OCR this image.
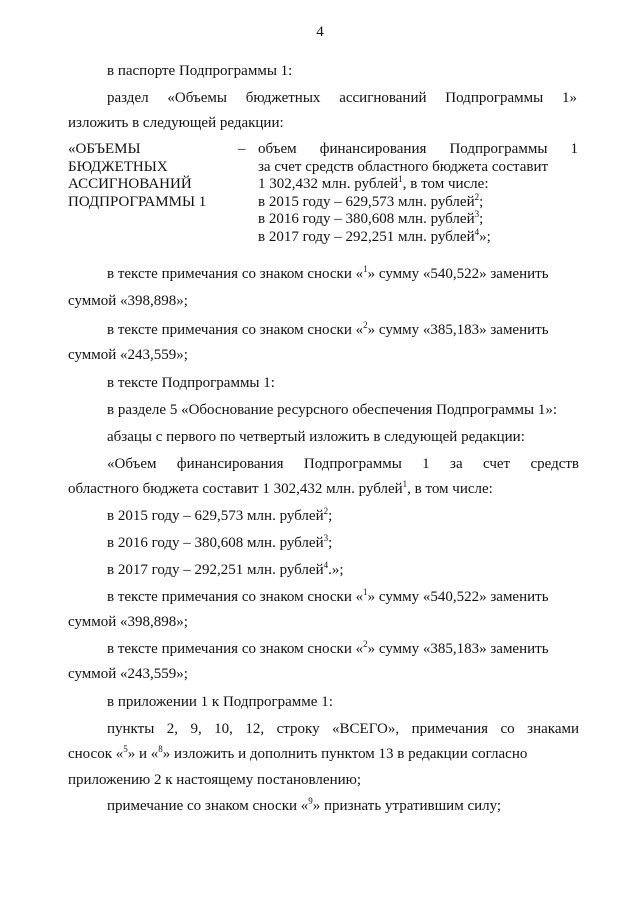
4
в паспорте Подпрограммы 1:
раздел «Объемы бюджетных ассигнований Подпрограммы 1»
изложить в следующей редакции:
«ОБЪЕМЫ
БЮДЖЕТНЫХ
АССИГНОВАНИЙ
ПОДПРОГРАММЫ 1
– объем финансирования Подпрограммы 1
за счет средств областного бюджета составит
1 302,432 млн. рублей$^1$, в том числе:
в 2015 году – 629,573 млн. рублей$^2$;
в 2016 году – 380,608 млн. рублей$^3$;
в 2017 году – 292,251 млн. рублей$^4$»;
в тексте примечания со знаком сноски «$^1$» сумму «540,522» заменить
суммой «398,898»;
в тексте примечания со знаком сноски «$^2$» сумму «385,183» заменить
суммой «243,559»;
в тексте Подпрограммы 1:
в разделе 5 «Обоснование ресурсного обеспечения Подпрограммы 1»:
абзацы с первого по четвертый изложить в следующей редакции:
«Объем финансирования Подпрограммы 1 за счет средств
областного бюджета составит 1 302,432 млн. рублей$^1$, в том числе:
в 2015 году – 629,573 млн. рублей$^2$;
в 2016 году – 380,608 млн. рублей$^3$;
в 2017 году – 292,251 млн. рублей$^4$.»;
в тексте примечания со знаком сноски «$^1$» сумму «540,522» заменить
суммой «398,898»;
в тексте примечания со знаком сноски «$^2$» сумму «385,183» заменить
суммой «243,559»;
в приложении 1 к Подпрограмме 1:
пункты 2, 9, 10, 12, строку «ВСЕГО», примечания со знаками
сносок «$^5$» и «$^8$» изложить и дополнить пунктом 13 в редакции согласно
приложению 2 к настоящему постановлению;
примечание со знаком сноски «$^9$» признать утратившим силу;
